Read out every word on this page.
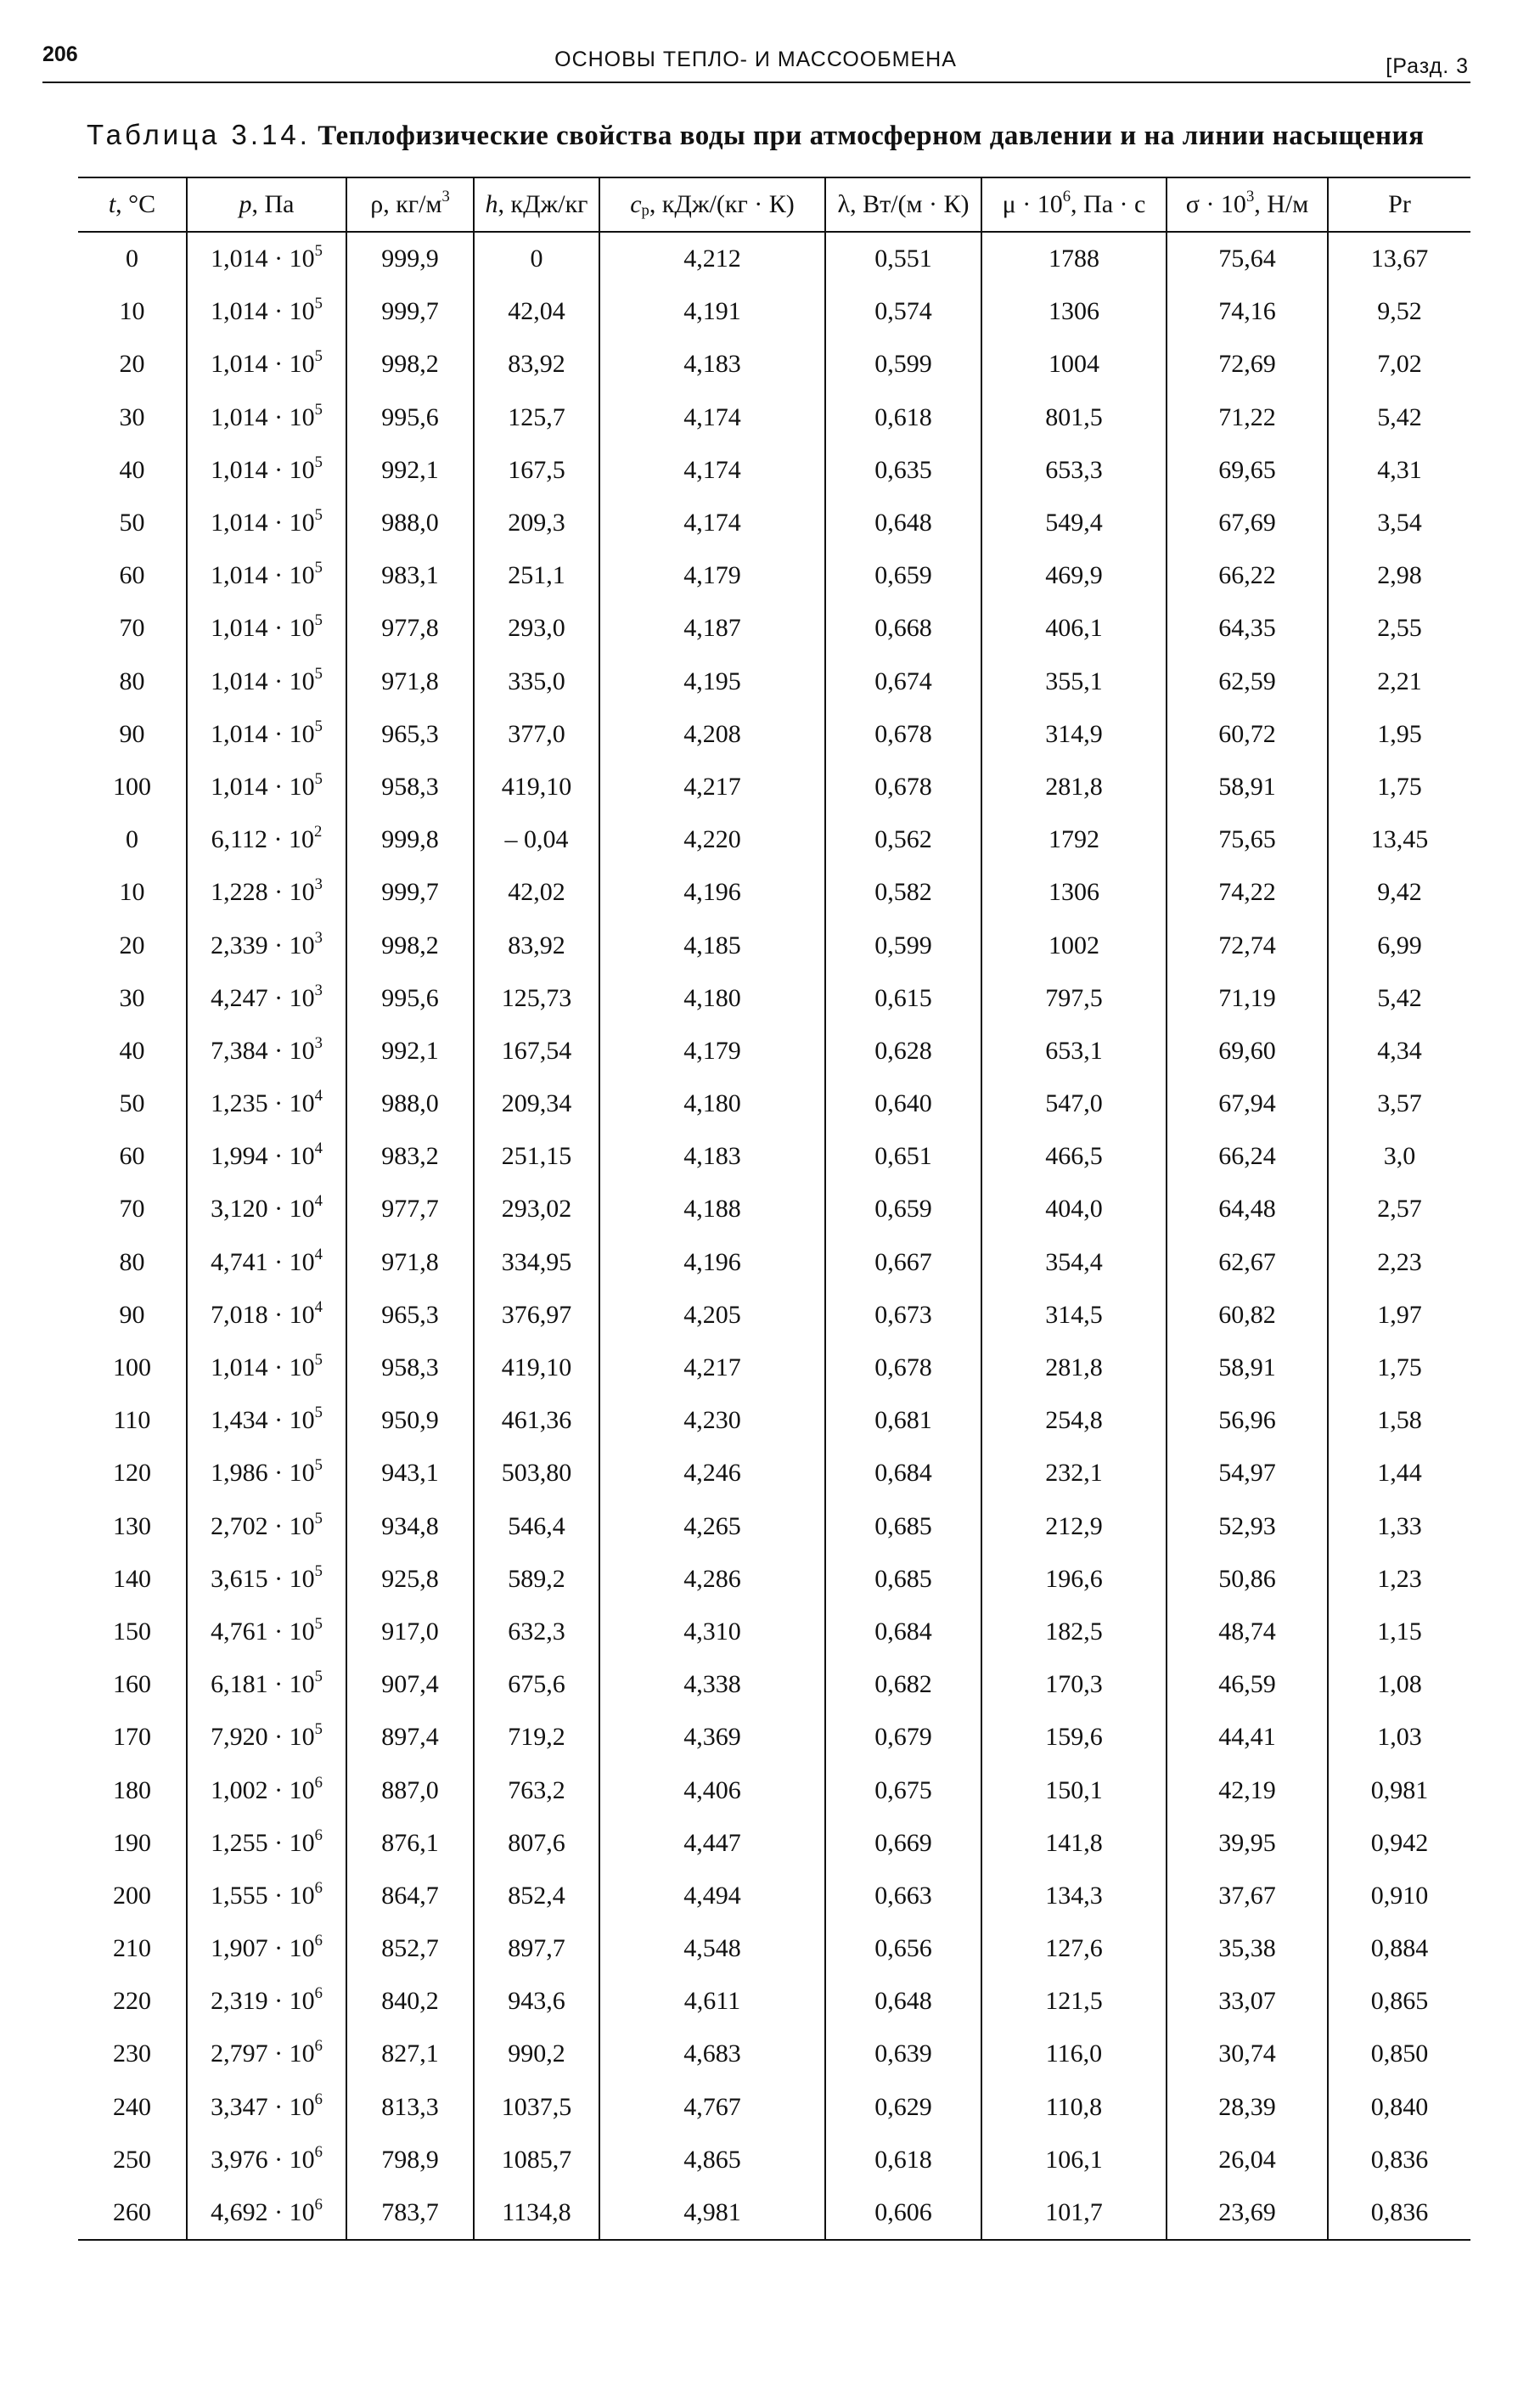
206	ОСНОВЫ ТЕПЛО- И МАССООБМЕНА	[Разд. 3
Таблица 3.14. Теплофизические свойства воды при атмосферном давлении и на линии насыщения
t, °C	p, Па	ρ, $кг/м^3$	h, кДж/кг	$c_p$, кДж/(кг · К)	λ, Вт/(м · К)	$\mu \cdot 10^6$, Па · с	$\sigma \cdot 10^3$, Н/м	Pr
0	$1,014 \cdot 10^5$	999,9	0	4,212	0,551	1788	75,64	13,67
10	$1,014 \cdot 10^5$	999,7	42,04	4,191	0,574	1306	74,16	9,52
20	$1,014 \cdot 10^5$	998,2	83,92	4,183	0,599	1004	72,69	7,02
30	$1,014 \cdot 10^5$	995,6	125,7	4,174	0,618	801,5	71,22	5,42
40	$1,014 \cdot 10^5$	992,1	167,5	4,174	0,635	653,3	69,65	4,31
50	$1,014 \cdot 10^5$	988,0	209,3	4,174	0,648	549,4	67,69	3,54
60	$1,014 \cdot 10^5$	983,1	251,1	4,179	0,659	469,9	66,22	2,98
70	$1,014 \cdot 10^5$	977,8	293,0	4,187	0,668	406,1	64,35	2,55
80	$1,014 \cdot 10^5$	971,8	335,0	4,195	0,674	355,1	62,59	2,21
90	$1,014 \cdot 10^5$	965,3	377,0	4,208	0,678	314,9	60,72	1,95
100	$1,014 \cdot 10^5$	958,3	419,10	4,217	0,678	281,8	58,91	1,75
0	$6,112 \cdot 10^2$	999,8	– 0,04	4,220	0,562	1792	75,65	13,45
10	$1,228 \cdot 10^3$	999,7	42,02	4,196	0,582	1306	74,22	9,42
20	$2,339 \cdot 10^3$	998,2	83,92	4,185	0,599	1002	72,74	6,99
30	$4,247 \cdot 10^3$	995,6	125,73	4,180	0,615	797,5	71,19	5,42
40	$7,384 \cdot 10^3$	992,1	167,54	4,179	0,628	653,1	69,60	4,34
50	$1,235 \cdot 10^4$	988,0	209,34	4,180	0,640	547,0	67,94	3,57
60	$1,994 \cdot 10^4$	983,2	251,15	4,183	0,651	466,5	66,24	3,0
70	$3,120 \cdot 10^4$	977,7	293,02	4,188	0,659	404,0	64,48	2,57
80	$4,741 \cdot 10^4$	971,8	334,95	4,196	0,667	354,4	62,67	2,23
90	$7,018 \cdot 10^4$	965,3	376,97	4,205	0,673	314,5	60,82	1,97
100	$1,014 \cdot 10^5$	958,3	419,10	4,217	0,678	281,8	58,91	1,75
110	$1,434 \cdot 10^5$	950,9	461,36	4,230	0,681	254,8	56,96	1,58
120	$1,986 \cdot 10^5$	943,1	503,80	4,246	0,684	232,1	54,97	1,44
130	$2,702 \cdot 10^5$	934,8	546,4	4,265	0,685	212,9	52,93	1,33
140	$3,615 \cdot 10^5$	925,8	589,2	4,286	0,685	196,6	50,86	1,23
150	$4,761 \cdot 10^5$	917,0	632,3	4,310	0,684	182,5	48,74	1,15
160	$6,181 \cdot 10^5$	907,4	675,6	4,338	0,682	170,3	46,59	1,08
170	$7,920 \cdot 10^5$	897,4	719,2	4,369	0,679	159,6	44,41	1,03
180	$1,002 \cdot 10^6$	887,0	763,2	4,406	0,675	150,1	42,19	0,981
190	$1,255 \cdot 10^6$	876,1	807,6	4,447	0,669	141,8	39,95	0,942
200	$1,555 \cdot 10^6$	864,7	852,4	4,494	0,663	134,3	37,67	0,910
210	$1,907 \cdot 10^6$	852,7	897,7	4,548	0,656	127,6	35,38	0,884
220	$2,319 \cdot 10^6$	840,2	943,6	4,611	0,648	121,5	33,07	0,865
230	$2,797 \cdot 10^6$	827,1	990,2	4,683	0,639	116,0	30,74	0,850
240	$3,347 \cdot 10^6$	813,3	1037,5	4,767	0,629	110,8	28,39	0,840
250	$3,976 \cdot 10^6$	798,9	1085,7	4,865	0,618	106,1	26,04	0,836
260	$4,692 \cdot 10^6$	783,7	1134,8	4,981	0,606	101,7	23,69	0,836
